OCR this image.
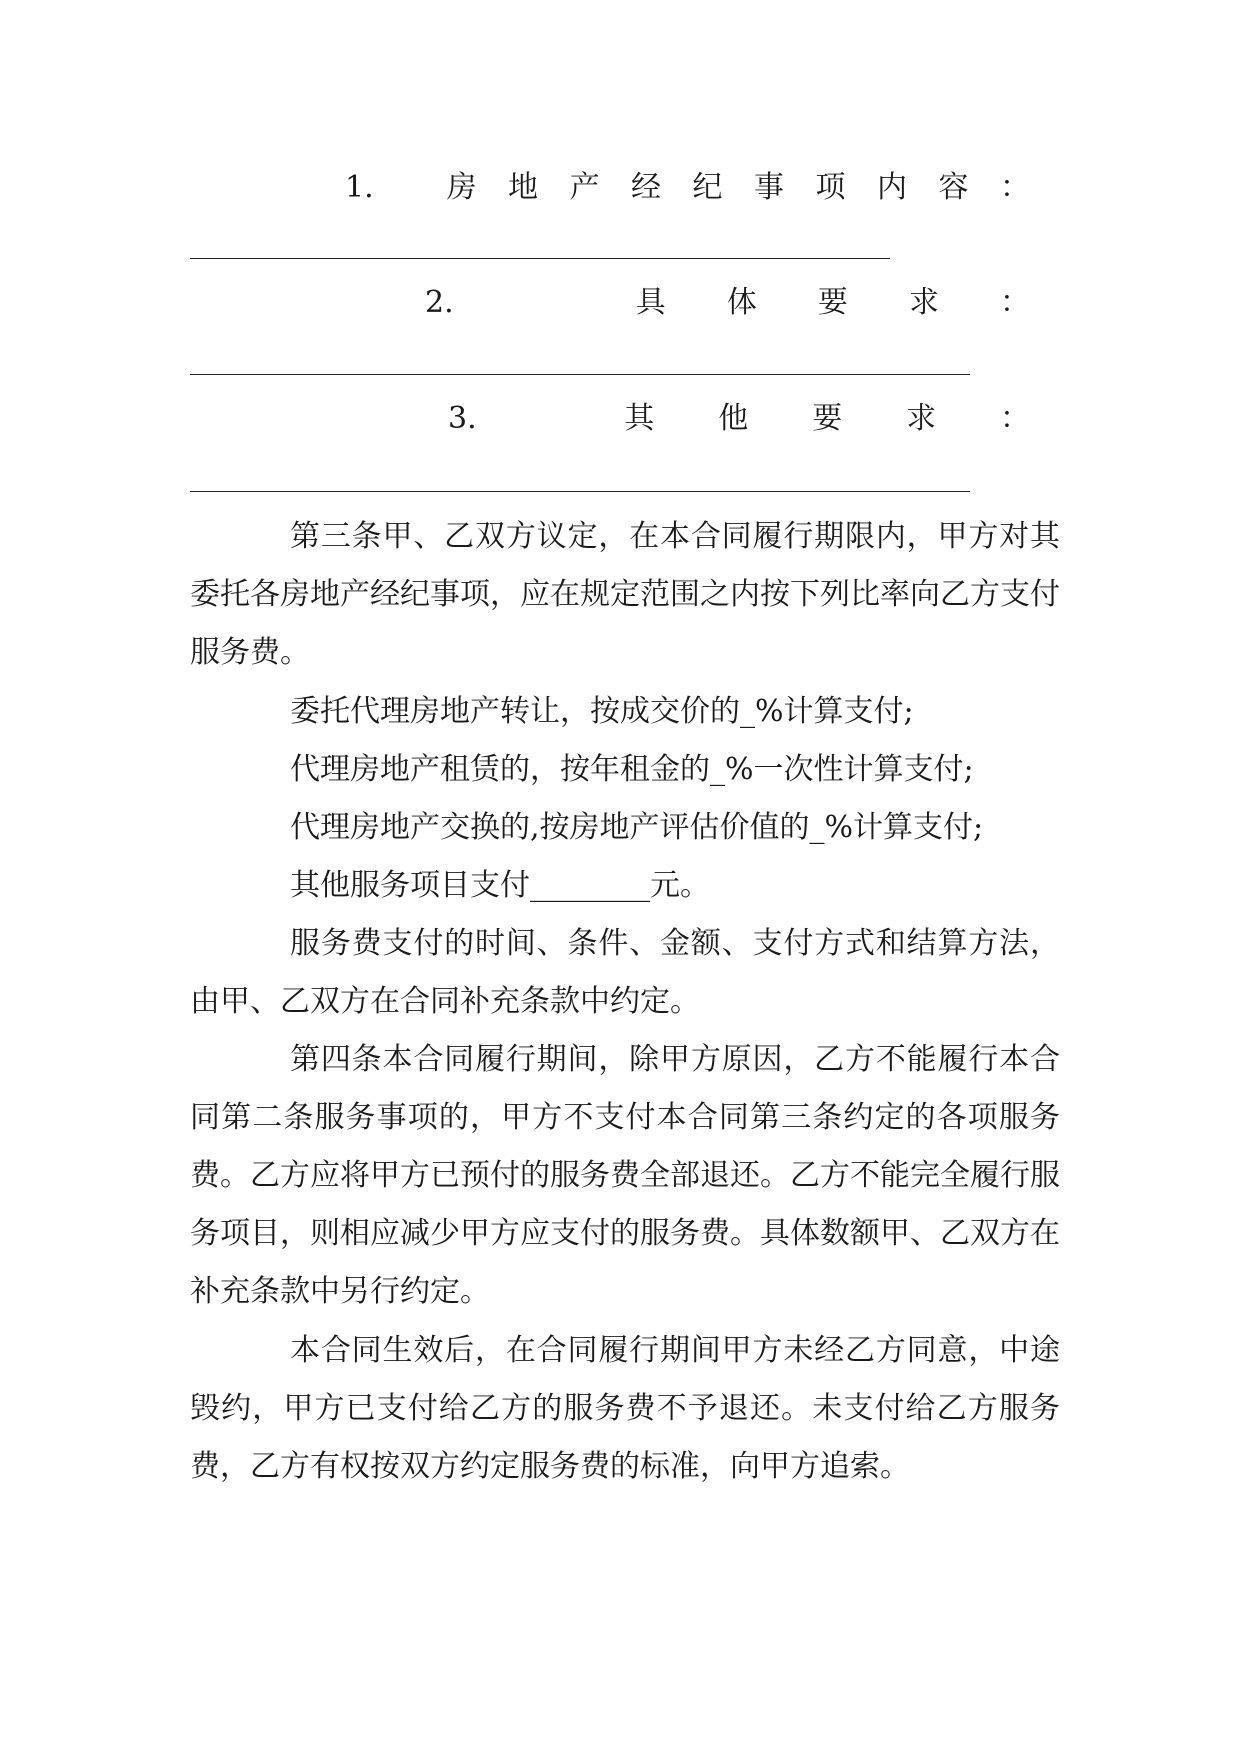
1. 房 地 产 经 纪 事 项 内 容 ：
2.	具 体 要 求 ：
3.	其 他 要 求 ：

第三条甲、乙双方议定，在本合同履行期限内，甲方对其委托各房地产经纪事项，应在规定范围之内按下列比率向乙方支付服务费。

委托代理房地产转让，按成交价的_%计算支付;
代理房地产租赁的，按年租金的_%一次性计算支付;
代理房地产交换的,按房地产评估价值的_%计算支付;
其他服务项目支付________元。

服务费支付的时间、条件、金额、支付方式和结算方法，由甲、乙双方在合同补充条款中约定。

第四条本合同履行期间，除甲方原因，乙方不能履行本合同第二条服务事项的，甲方不支付本合同第三条约定的各项服务费。乙方应将甲方已预付的服务费全部退还。乙方不能完全履行服务项目，则相应减少甲方应支付的服务费。具体数额甲、乙双方在补充条款中另行约定。

本合同生效后，在合同履行期间甲方未经乙方同意，中途毁约，甲方已支付给乙方的服务费不予退还。未支付给乙方服务费，乙方有权按双方约定服务费的标准，向甲方追索。
